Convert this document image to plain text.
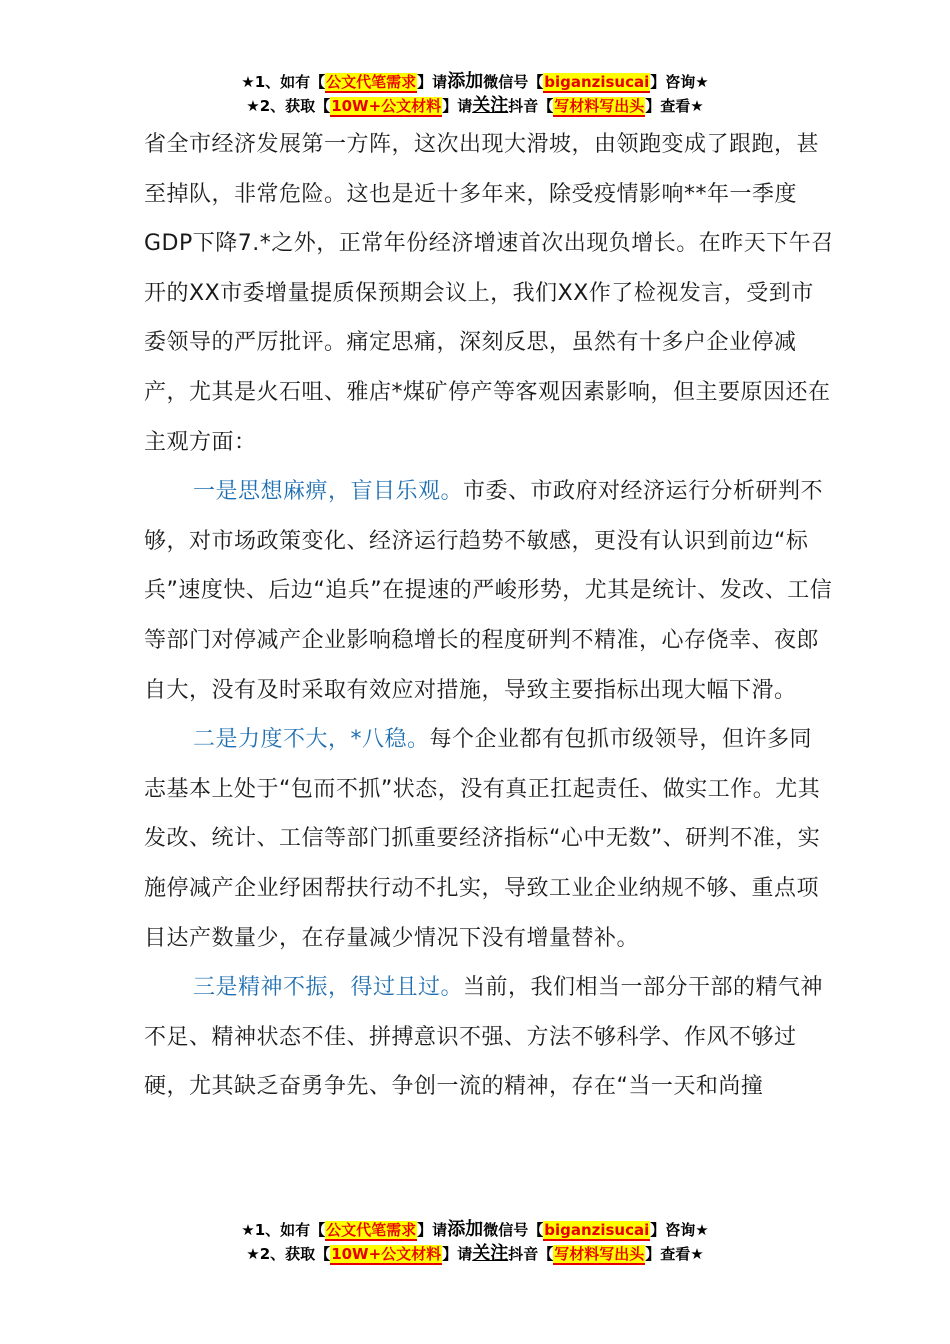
★1、如有【公文代笔需求】请添加微信号【biganzisucai】咨询★
★2、获取【10W+公文材料】请关注抖音【写材料写出头】查看★

省全市经济发展第一方阵，这次出现大滑坡，由领跑变成了跟跑，甚至掉队，非常危险。这也是近十多年来，除受疫情影响**年一季度GDP下降7.*之外，正常年份经济增速首次出现负增长。在昨天下午召开的XX市委增量提质保预期会议上，我们XX作了检视发言，受到市委领导的严厉批评。痛定思痛，深刻反思，虽然有十多户企业停减产，尤其是火石咀、雅店*煤矿停产等客观因素影响，但主要原因还在主观方面：

一是思想麻痹，盲目乐观。市委、市政府对经济运行分析研判不够，对市场政策变化、经济运行趋势不敏感，更没有认识到前边“标兵”速度快、后边“追兵”在提速的严峻形势，尤其是统计、发改、工信等部门对停减产企业影响稳增长的程度研判不精准，心存侥幸、夜郎自大，没有及时采取有效应对措施，导致主要指标出现大幅下滑。

二是力度不大，*八稳。每个企业都有包抓市级领导，但许多同志基本上处于“包而不抓”状态，没有真正扛起责任、做实工作。尤其发改、统计、工信等部门抓重要经济指标“心中无数”、研判不准，实施停减产企业纾困帮扶行动不扎实，导致工业企业纳规不够、重点项目达产数量少，在存量减少情况下没有增量替补。

三是精神不振，得过且过。当前，我们相当一部分干部的精气神不足、精神状态不佳、拼搏意识不强、方法不够科学、作风不够过硬，尤其缺乏奋勇争先、争创一流的精神，存在“当一天和尚撞

★1、如有【公文代笔需求】请添加微信号【biganzisucai】咨询★
★2、获取【10W+公文材料】请关注抖音【写材料写出头】查看★
